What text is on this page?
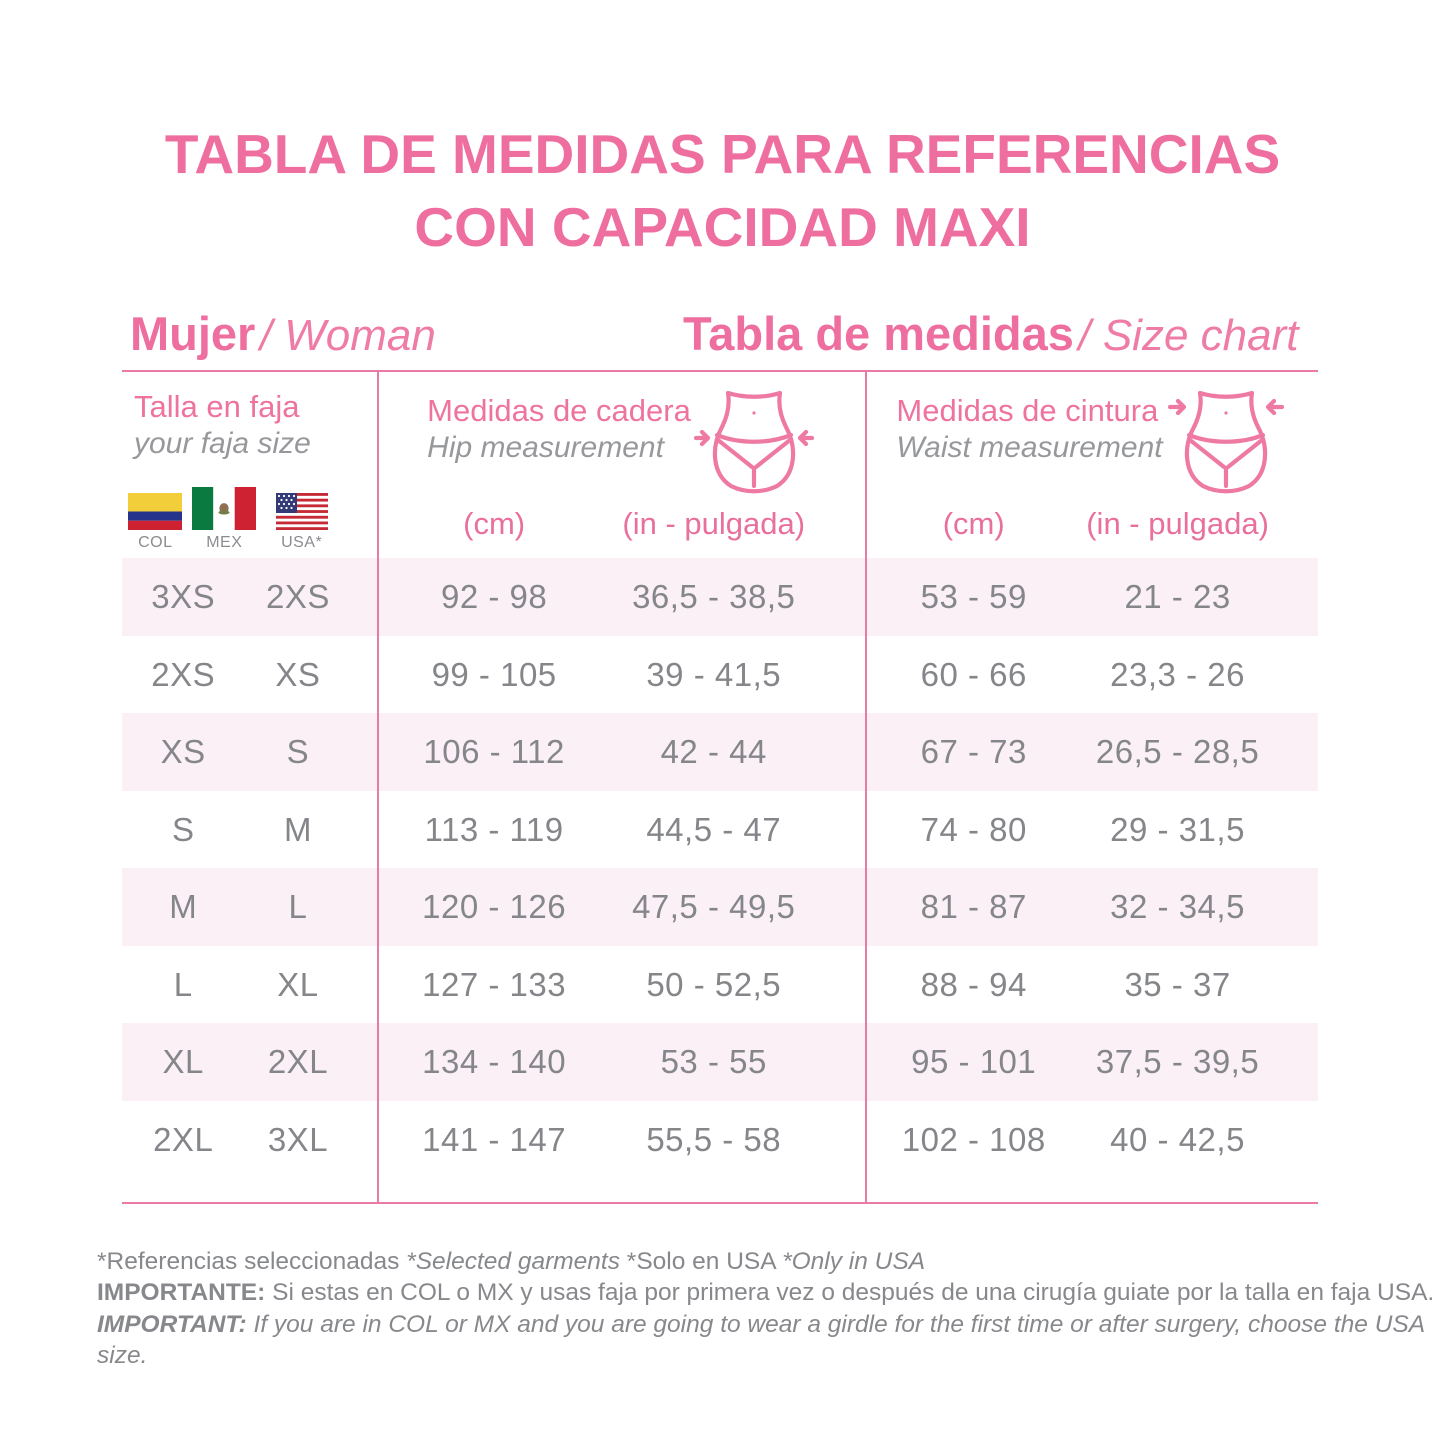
TABLA DE MEDIDAS PARA REFERENCIAS
CON CAPACIDAD MAXI
Mujer / Woman	Tabla de medidas / Size chart
Talla en faja
your faja size
COL MEX USA*
Medidas de cadera
Hip measurement
(cm)	(in - pulgada)
Medidas de cintura
Waist measurement
(cm)	(in - pulgada)
3XS	2XS	92 - 98	36,5 - 38,5	53 - 59	21 - 23
2XS	XS	99 - 105	39 - 41,5	60 - 66	23,3 - 26
XS	S	106 - 112	42 - 44	67 - 73	26,5 - 28,5
S	M	113 - 119	44,5 - 47	74 - 80	29 - 31,5
M	L	120 - 126	47,5 - 49,5	81 - 87	32 - 34,5
L	XL	127 - 133	50 - 52,5	88 - 94	35 - 37
XL	2XL	134 - 140	53 - 55	95 - 101	37,5 - 39,5
2XL	3XL	141 - 147	55,5 - 58	102 - 108	40 - 42,5
*Referencias seleccionadas *Selected garments *Solo en USA *Only in USA
IMPORTANTE: Si estas en COL o MX y usas faja por primera vez o después de una cirugía guiate por la talla en faja USA.
IMPORTANT: If you are in COL or MX and you are going to wear a girdle for the first time or after surgery, choose the USA size.
